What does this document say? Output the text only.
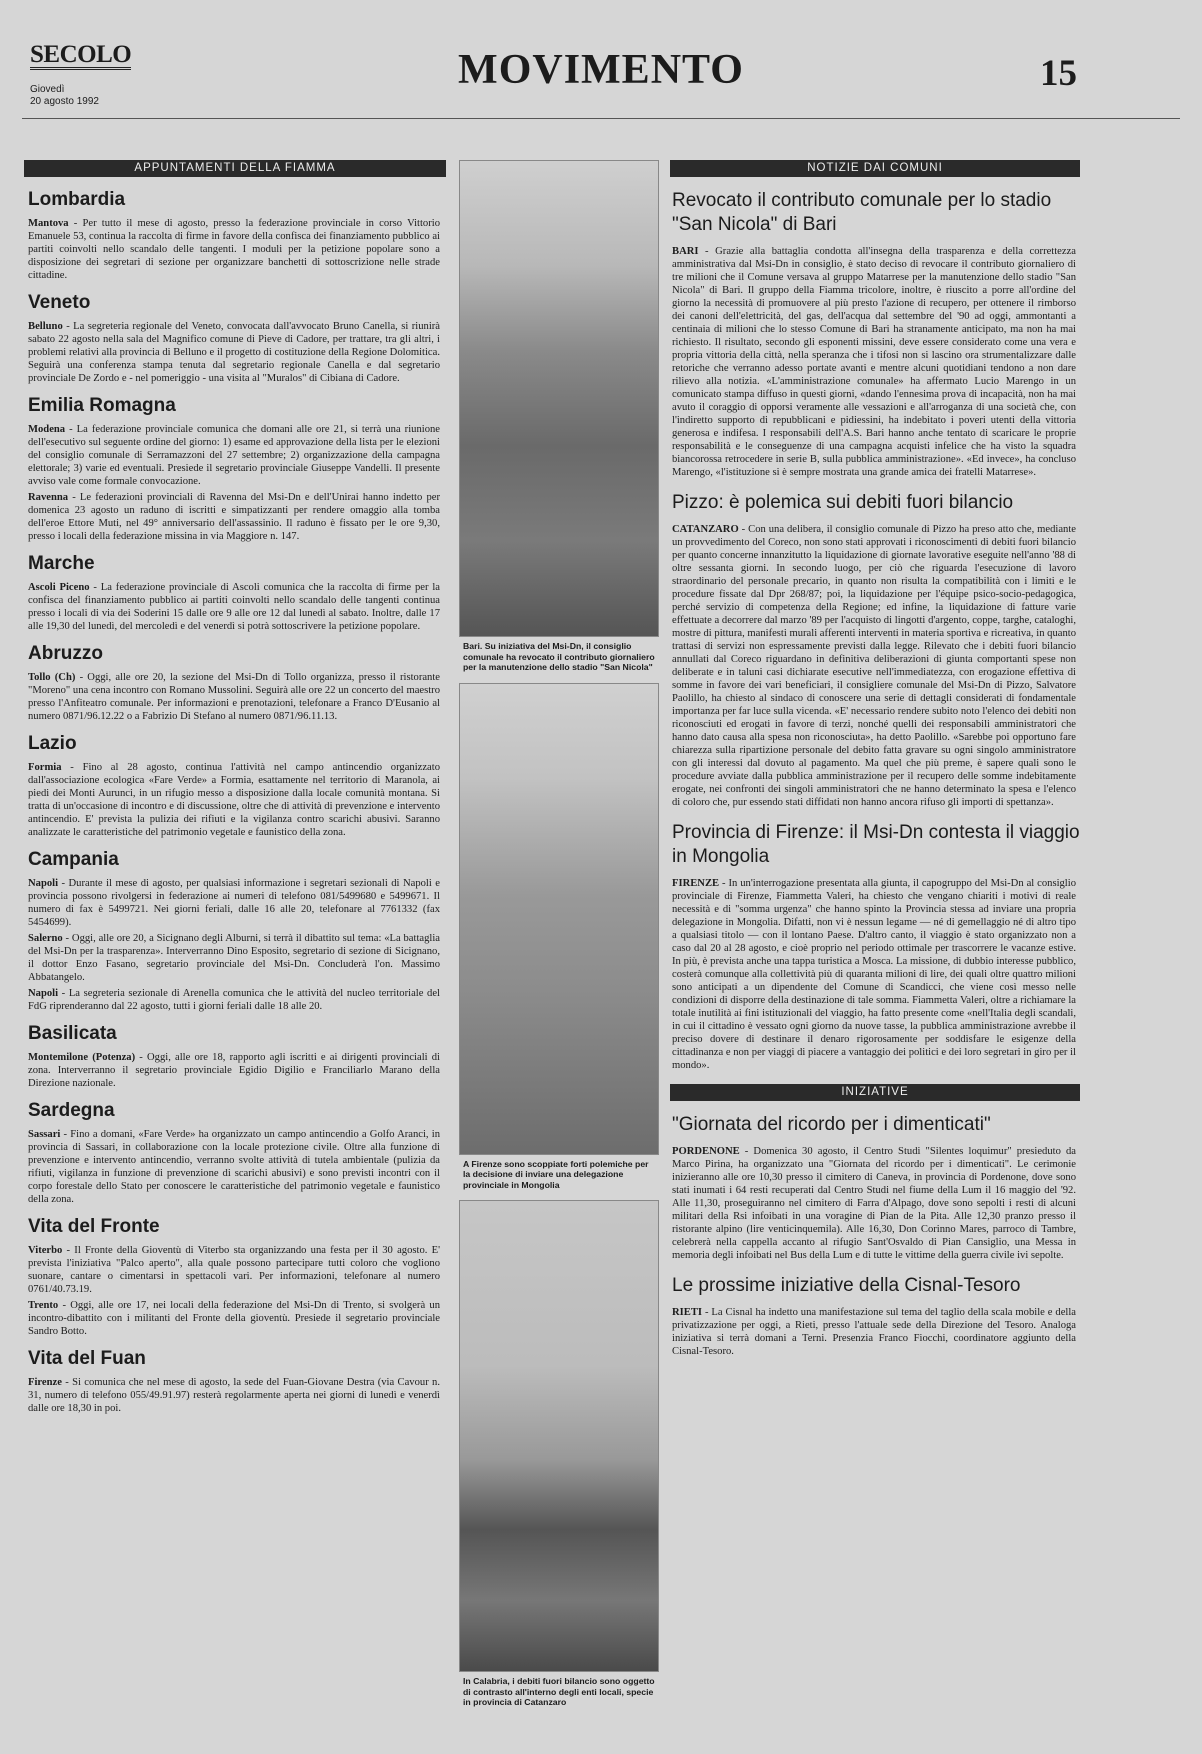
SECOLO
Giovedì
20 agosto 1992
MOVIMENTO	15
APPUNTAMENTI DELLA FIAMMA
Lombardia
Mantova - Per tutto il mese di agosto, presso la federazione provinciale in corso Vittorio Emanuele 53, continua la raccolta di firme in favore della confisca dei finanziamento pubblico ai partiti coinvolti nello scandalo delle tangenti. I moduli per la petizione popolare sono a disposizione dei segretari di sezione per organizzare banchetti di sottoscrizione nelle strade cittadine.
Veneto
Belluno - La segreteria regionale del Veneto, convocata dall'avvocato Bruno Canella, si riunirà sabato 22 agosto nella sala del Magnifico comune di Pieve di Cadore, per trattare, tra gli altri, i problemi relativi alla provincia di Belluno e il progetto di costituzione della Regione Dolomitica. Seguirà una conferenza stampa tenuta dal segretario regionale Canella e dal segretario provinciale De Zordo e - nel pomeriggio - una visita al "Muralos" di Cibiana di Cadore.
Emilia Romagna
Modena - La federazione provinciale comunica che domani alle ore 21, si terrà una riunione dell'esecutivo sul seguente ordine del giorno: 1) esame ed approvazione della lista per le elezioni del consiglio comunale di Serramazzoni del 27 settembre; 2) organizzazione della campagna elettorale; 3) varie ed eventuali. Presiede il segretario provinciale Giuseppe Vandelli. Il presente avviso vale come formale convocazione.
Ravenna - Le federazioni provinciali di Ravenna del Msi-Dn e dell'Unirai hanno indetto per domenica 23 agosto un raduno di iscritti e simpatizzanti per rendere omaggio alla tomba dell'eroe Ettore Muti, nel 49° anniversario dell'assassinio. Il raduno è fissato per le ore 9,30, presso i locali della federazione missina in via Maggiore n. 147.
Marche
Ascoli Piceno - La federazione provinciale di Ascoli comunica che la raccolta di firme per la confisca del finanziamento pubblico ai partiti coinvolti nello scandalo delle tangenti continua presso i locali di via dei Soderini 15 dalle ore 9 alle ore 12 dal lunedì al sabato. Inoltre, dalle 17 alle 19,30 del lunedì, del mercoledì e del venerdì si potrà sottoscrivere la petizione popolare.
Abruzzo
Tollo (Ch) - Oggi, alle ore 20, la sezione del Msi-Dn di Tollo organizza, presso il ristorante "Moreno" una cena incontro con Romano Mussolini. Seguirà alle ore 22 un concerto del maestro presso l'Anfiteatro comunale. Per informazioni e prenotazioni, telefonare a Franco D'Eusanio al numero 0871/96.12.22 o a Fabrizio Di Stefano al numero 0871/96.11.13.
Lazio
Formia - Fino al 28 agosto, continua l'attività nel campo antincendio organizzato dall'associazione ecologica «Fare Verde» a Formia, esattamente nel territorio di Maranola, ai piedi dei Monti Aurunci, in un rifugio messo a disposizione dalla locale comunità montana. Si tratta di un'occasione di incontro e di discussione, oltre che di attività di prevenzione e intervento antincendio. E' prevista la pulizia dei rifiuti e la vigilanza contro scarichi abusivi. Saranno analizzate le caratteristiche del patrimonio vegetale e faunistico della zona.
Campania
Napoli - Durante il mese di agosto, per qualsiasi informazione i segretari sezionali di Napoli e provincia possono rivolgersi in federazione ai numeri di telefono 081/5499680 e 5499671. Il numero di fax è 5499721. Nei giorni feriali, dalle 16 alle 20, telefonare al 7761332 (fax 5454699).
Salerno - Oggi, alle ore 20, a Sicignano degli Alburni, si terrà il dibattito sul tema: «La battaglia del Msi-Dn per la trasparenza». Interverranno Dino Esposito, segretario di sezione di Sicignano, il dottor Enzo Fasano, segretario provinciale del Msi-Dn. Concluderà l'on. Massimo Abbatangelo.
Napoli - La segreteria sezionale di Arenella comunica che le attività del nucleo territoriale del FdG riprenderanno dal 22 agosto, tutti i giorni feriali dalle 18 alle 20.
Basilicata
Montemilone (Potenza) - Oggi, alle ore 18, rapporto agli iscritti e ai dirigenti provinciali di zona. Interverranno il segretario provinciale Egidio Digilio e Franciliarlo Marano della Direzione nazionale.
Sardegna
Sassari - Fino a domani, «Fare Verde» ha organizzato un campo antincendio a Golfo Aranci, in provincia di Sassari, in collaborazione con la locale protezione civile. Oltre alla funzione di prevenzione e intervento antincendio, verranno svolte attività di tutela ambientale (pulizia da rifiuti, vigilanza in funzione di prevenzione di scarichi abusivi) e sono previsti incontri con il corpo forestale dello Stato per conoscere le caratteristiche del patrimonio vegetale e faunistico della zona.
Vita del Fronte
Viterbo - Il Fronte della Gioventù di Viterbo sta organizzando una festa per il 30 agosto. E' prevista l'iniziativa "Palco aperto", alla quale possono partecipare tutti coloro che vogliono suonare, cantare o cimentarsi in spettacoli vari. Per informazioni, telefonare al numero 0761/40.73.19.
Trento - Oggi, alle ore 17, nei locali della federazione del Msi-Dn di Trento, si svolgerà un incontro-dibattito con i militanti del Fronte della gioventù. Presiede il segretario provinciale Sandro Botto.
Vita del Fuan
Firenze - Si comunica che nel mese di agosto, la sede del Fuan-Giovane Destra (via Cavour n. 31, numero di telefono 055/49.91.97) resterà regolarmente aperta nei giorni di lunedì e venerdì dalle ore 18,30 in poi.
Bari. Su iniziativa del Msi-Dn, il consiglio comunale ha revocato il contributo giornaliero per la manutenzione dello stadio "San Nicola"
A Firenze sono scoppiate forti polemiche per la decisione di inviare una delegazione provinciale in Mongolia
In Calabria, i debiti fuori bilancio sono oggetto di contrasto all'interno degli enti locali, specie in provincia di Catanzaro
NOTIZIE DAI COMUNI
Revocato il contributo comunale per lo stadio "San Nicola" di Bari
BARI - Grazie alla battaglia condotta all'insegna della trasparenza e della correttezza amministrativa dal Msi-Dn in consiglio, è stato deciso di revocare il contributo giornaliero di tre milioni che il Comune versava al gruppo Matarrese per la manutenzione dello stadio "San Nicola" di Bari. Il gruppo della Fiamma tricolore, inoltre, è riuscito a porre all'ordine del giorno la necessità di promuovere al più presto l'azione di recupero, per ottenere il rimborso dei canoni dell'elettricità, del gas, dell'acqua dal settembre del '90 ad oggi, ammontanti a centinaia di milioni che lo stesso Comune di Bari ha stranamente anticipato, ma non ha mai richiesto. Il risultato, secondo gli esponenti missini, deve essere considerato come una vera e propria vittoria della città, nella speranza che i tifosi non si lascino ora strumentalizzare dalle retoriche che verranno adesso portate avanti e mentre alcuni quotidiani tendono a non dare rilievo alla notizia. «L'amministrazione comunale» ha affermato Lucio Marengo in un comunicato stampa diffuso in questi giorni, «dando l'ennesima prova di incapacità, non ha mai avuto il coraggio di opporsi veramente alle vessazioni e all'arroganza di una società che, con l'indiretto supporto di repubblicani e pidiessini, ha indebitato i poveri utenti della vittoria generosa e indifesa. I responsabili dell'A.S. Bari hanno anche tentato di scaricare le proprie responsabilità e le conseguenze di una campagna acquisti infelice che ha visto la squadra biancorossa retrocedere in serie B, sulla pubblica amministrazione». «Ed invece», ha concluso Marengo, «l'istituzione si è sempre mostrata una grande amica dei fratelli Matarrese».
Pizzo: è polemica sui debiti fuori bilancio
CATANZARO - Con una delibera, il consiglio comunale di Pizzo ha preso atto che, mediante un provvedimento del Coreco, non sono stati approvati i riconoscimenti di debiti fuori bilancio per quanto concerne innanzitutto la liquidazione di giornate lavorative eseguite nell'anno '88 di oltre sessanta giorni. In secondo luogo, per ciò che riguarda l'esecuzione di lavoro straordinario del personale precario, in quanto non risulta la compatibilità con i limiti e le procedure fissate dal Dpr 268/87; poi, la liquidazione per l'équipe psico-socio-pedagogica, perché servizio di competenza della Regione; ed infine, la liquidazione di fatture varie effettuate a decorrere dal marzo '89 per l'acquisto di lingotti d'argento, coppe, targhe, cataloghi, mostre di pittura, manifesti murali afferenti interventi in materia sportiva e ricreativa, in quanto trattasi di servizi non espressamente previsti dalla legge. Rilevato che i debiti fuori bilancio annullati dal Coreco riguardano in definitiva deliberazioni di giunta comportanti spese non deliberate e in taluni casi dichiarate esecutive nell'immediatezza, con erogazione effettiva di somme in favore dei vari beneficiari, il consigliere comunale del Msi-Dn di Pizzo, Salvatore Paolillo, ha chiesto al sindaco di conoscere una serie di dettagli considerati di fondamentale importanza per far luce sulla vicenda. «E' necessario rendere subito noto l'elenco dei debiti non riconosciuti ed erogati in favore di terzi, nonché quelli dei responsabili amministratori che hanno dato causa alla spesa non riconosciuta», ha detto Paolillo. «Sarebbe poi opportuno fare chiarezza sulla ripartizione personale del debito fatta gravare su ogni singolo amministratore con gli interessi dal dovuto al pagamento. Ma quel che più preme, è sapere quali sono le procedure avviate dalla pubblica amministrazione per il recupero delle somme indebitamente erogate, nei confronti dei singoli amministratori che ne hanno determinato la spesa e l'elenco di coloro che, pur essendo stati diffidati non hanno ancora rifuso gli importi di spettanza».
Provincia di Firenze: il Msi-Dn contesta il viaggio in Mongolia
FIRENZE - In un'interrogazione presentata alla giunta, il capogruppo del Msi-Dn al consiglio provinciale di Firenze, Fiammetta Valeri, ha chiesto che vengano chiariti i motivi di reale necessità e di "somma urgenza" che hanno spinto la Provincia stessa ad inviare una propria delegazione in Mongolia. Difatti, non vi è nessun legame — né di gemellaggio né di altro tipo a qualsiasi titolo — con il lontano Paese. D'altro canto, il viaggio è stato organizzato non a caso dal 20 al 28 agosto, e cioè proprio nel periodo ottimale per trascorrere le vacanze estive. In più, è prevista anche una tappa turistica a Mosca. La missione, di dubbio interesse pubblico, costerà comunque alla collettività più di quaranta milioni di lire, dei quali oltre quattro milioni sono anticipati a un dipendente del Comune di Scandicci, che viene così messo nelle condizioni di disporre della destinazione di tale somma. Fiammetta Valeri, oltre a richiamare la totale inutilità ai fini istituzionali del viaggio, ha fatto presente come «nell'Italia degli scandali, in cui il cittadino è vessato ogni giorno da nuove tasse, la pubblica amministrazione avrebbe il preciso dovere di destinare il denaro rigorosamente per soddisfare le esigenze della cittadinanza e non per viaggi di piacere a vantaggio dei politici e dei loro segretari in giro per il mondo».
INIZIATIVE
"Giornata del ricordo per i dimenticati"
PORDENONE - Domenica 30 agosto, il Centro Studi "Silentes loquimur" presieduto da Marco Pirina, ha organizzato una "Giornata del ricordo per i dimenticati". Le cerimonie inizieranno alle ore 10,30 presso il cimitero di Caneva, in provincia di Pordenone, dove sono stati inumati i 64 resti recuperati dal Centro Studi nel fiume della Lum il 16 maggio del '92. Alle 11,30, proseguiranno nel cimitero di Farra d'Alpago, dove sono sepolti i resti di alcuni militari della Rsi infoibati in una voragine di Pian de la Pita. Alle 12,30 pranzo presso il ristorante alpino (lire venticinquemila). Alle 16,30, Don Corinno Mares, parroco di Tambre, celebrerà nella cappella accanto al rifugio Sant'Osvaldo di Pian Cansiglio, una Messa in memoria degli infoibati nel Bus della Lum e di tutte le vittime della guerra civile ivi sepolte.
Le prossime iniziative della Cisnal-Tesoro
RIETI - La Cisnal ha indetto una manifestazione sul tema del taglio della scala mobile e della privatizzazione per oggi, a Rieti, presso l'attuale sede della Direzione del Tesoro. Analoga iniziativa si terrà domani a Terni. Presenzia Franco Fiocchi, coordinatore aggiunto della Cisnal-Tesoro.
